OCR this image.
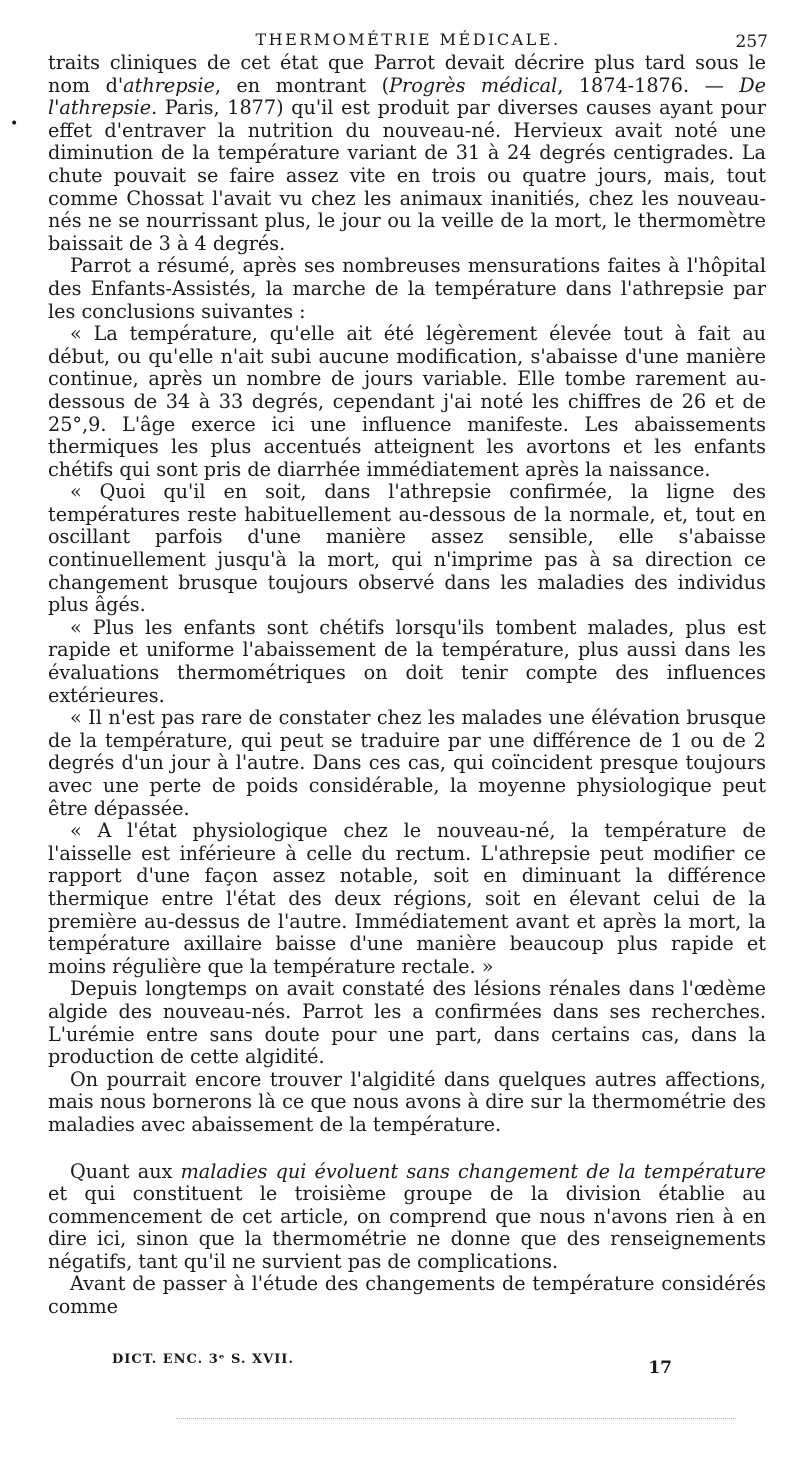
•
THERMOMÉTRIE MÉDICALE.	257

traits cliniques de cet état que Parrot devait décrire plus tard sous le nom d'athrepsie, en montrant (Progrès médical, 1874-1876. — De l'athrepsie. Paris, 1877) qu'il est produit par diverses causes ayant pour effet d'entraver la nutrition du nouveau-né. Hervieux avait noté une diminution de la température variant de 31 à 24 degrés centigrades. La chute pouvait se faire assez vite en trois ou quatre jours, mais, tout comme Chossat l'avait vu chez les animaux inanitiés, chez les nouveau-nés ne se nourrissant plus, le jour ou la veille de la mort, le thermomètre baissait de 3 à 4 degrés.

Parrot a résumé, après ses nombreuses mensurations faites à l'hôpital des Enfants-Assistés, la marche de la température dans l'athrepsie par les conclusions suivantes :

« La température, qu'elle ait été légèrement élevée tout à fait au début, ou qu'elle n'ait subi aucune modification, s'abaisse d'une manière continue, après un nombre de jours variable. Elle tombe rarement au-dessous de 34 à 33 degrés, cependant j'ai noté les chiffres de 26 et de 25°,9. L'âge exerce ici une influence manifeste. Les abaissements thermiques les plus accentués atteignent les avortons et les enfants chétifs qui sont pris de diarrhée immédiatement après la naissance.

« Quoi qu'il en soit, dans l'athrepsie confirmée, la ligne des températures reste habituellement au-dessous de la normale, et, tout en oscillant parfois d'une manière assez sensible, elle s'abaisse continuellement jusqu'à la mort, qui n'imprime pas à sa direction ce changement brusque toujours observé dans les maladies des individus plus âgés.

« Plus les enfants sont chétifs lorsqu'ils tombent malades, plus est rapide et uniforme l'abaissement de la température, plus aussi dans les évaluations thermométriques on doit tenir compte des influences extérieures.

« Il n'est pas rare de constater chez les malades une élévation brusque de la température, qui peut se traduire par une différence de 1 ou de 2 degrés d'un jour à l'autre. Dans ces cas, qui coïncident presque toujours avec une perte de poids considérable, la moyenne physiologique peut être dépassée.

« A l'état physiologique chez le nouveau-né, la température de l'aisselle est inférieure à celle du rectum. L'athrepsie peut modifier ce rapport d'une façon assez notable, soit en diminuant la différence thermique entre l'état des deux régions, soit en élevant celui de la première au-dessus de l'autre. Immédiatement avant et après la mort, la température axillaire baisse d'une manière beaucoup plus rapide et moins régulière que la température rectale. »

Depuis longtemps on avait constaté des lésions rénales dans l'œdème algide des nouveau-nés. Parrot les a confirmées dans ses recherches. L'urémie entre sans doute pour une part, dans certains cas, dans la production de cette algidité.

On pourrait encore trouver l'algidité dans quelques autres affections, mais nous bornerons là ce que nous avons à dire sur la thermométrie des maladies avec abaissement de la température.

Quant aux maladies qui évoluent sans changement de la température et qui constituent le troisième groupe de la division établie au commencement de cet article, on comprend que nous n'avons rien à en dire ici, sinon que la thermométrie ne donne que des renseignements négatifs, tant qu'il ne survient pas de complications.

Avant de passer à l'étude des changements de température considérés comme

DICT. ENC. 3ᵉ S. XVII.	17
